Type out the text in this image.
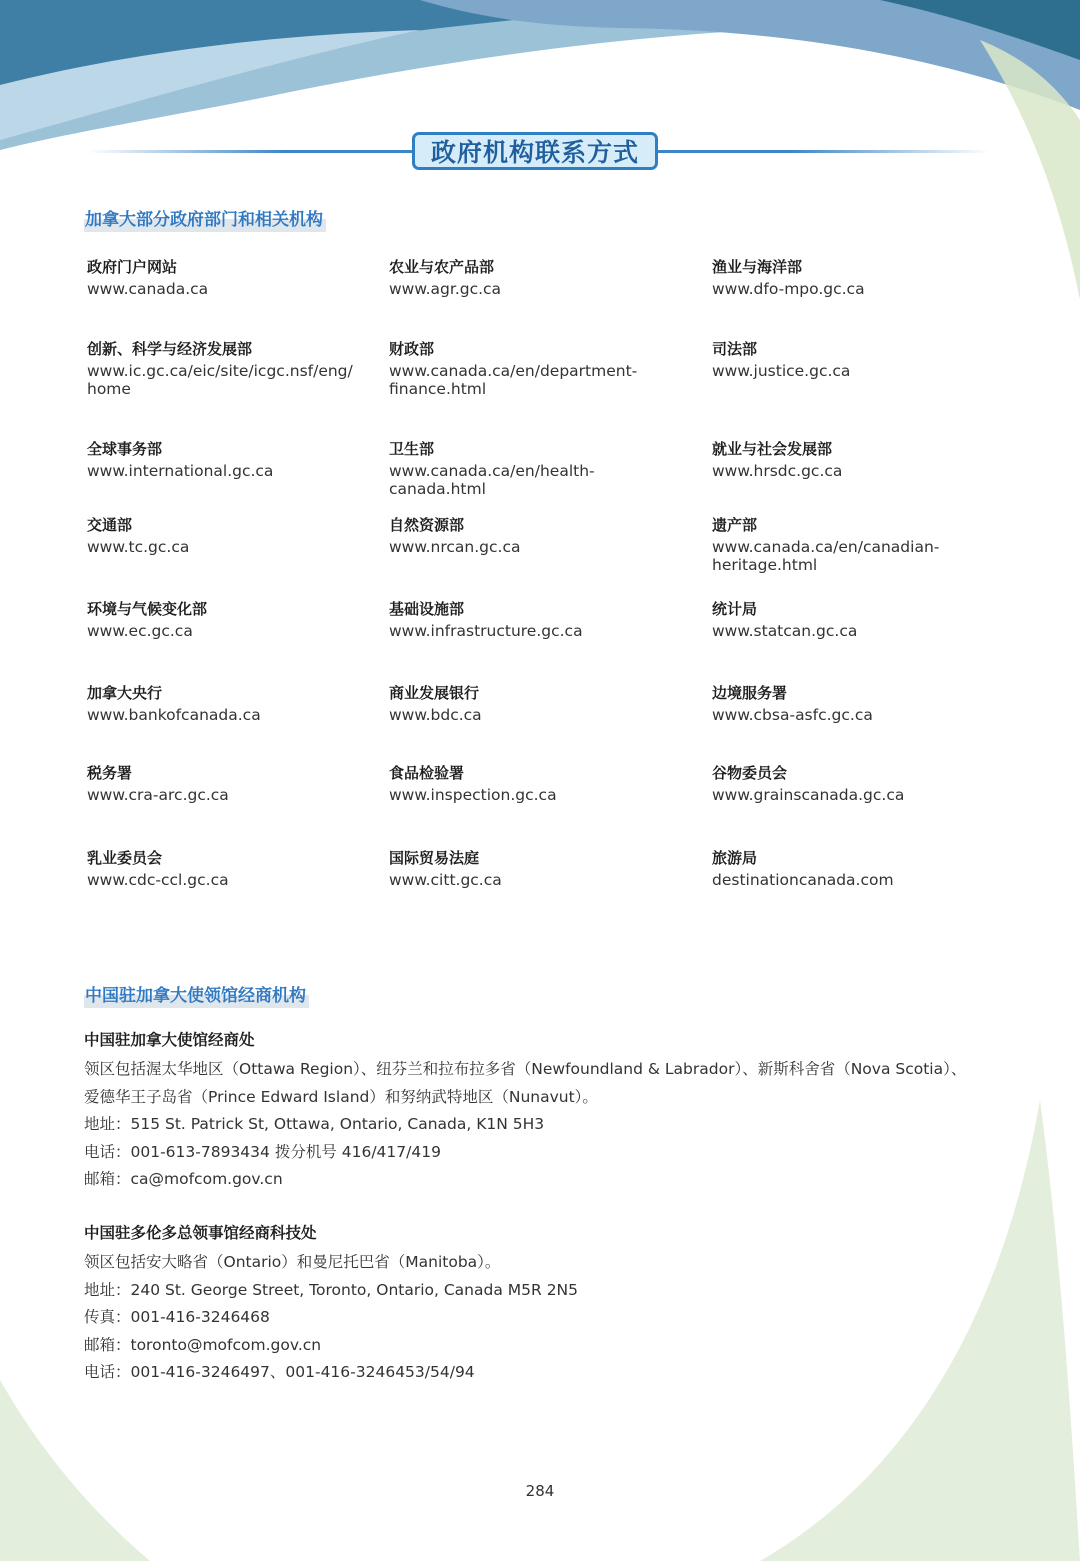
政府机构联系方式
加拿大部分政府部门和相关机构
政府门户网站
www.canada.ca
农业与农产品部
www.agr.gc.ca
渔业与海洋部
www.dfo-mpo.gc.ca
创新、科学与经济发展部
www.ic.gc.ca/eic/site/icgc.nsf/eng/home
财政部
www.canada.ca/en/department-finance.html
司法部
www.justice.gc.ca
全球事务部
www.international.gc.ca
卫生部
www.canada.ca/en/health-canada.html
就业与社会发展部
www.hrsdc.gc.ca
交通部
www.tc.gc.ca
自然资源部
www.nrcan.gc.ca
遗产部
www.canada.ca/en/canadian-heritage.html
环境与气候变化部
www.ec.gc.ca
基础设施部
www.infrastructure.gc.ca
统计局
www.statcan.gc.ca
加拿大央行
www.bankofcanada.ca
商业发展银行
www.bdc.ca
边境服务署
www.cbsa-asfc.gc.ca
税务署
www.cra-arc.gc.ca
食品检验署
www.inspection.gc.ca
谷物委员会
www.grainscanada.gc.ca
乳业委员会
www.cdc-ccl.gc.ca
国际贸易法庭
www.citt.gc.ca
旅游局
destinationcanada.com
中国驻加拿大使领馆经商机构
中国驻加拿大使馆经商处
领区包括渥太华地区（Ottawa Region）、纽芬兰和拉布拉多省（Newfoundland & Labrador）、新斯科舍省（Nova Scotia）、
爱德华王子岛省（Prince Edward Island）和努纳武特地区（Nunavut）。
地址：515 St. Patrick St, Ottawa, Ontario, Canada, K1N 5H3
电话：001-613-7893434 拨分机号 416/417/419
邮箱：ca@mofcom.gov.cn
中国驻多伦多总领事馆经商科技处
领区包括安大略省（Ontario）和曼尼托巴省（Manitoba）。
地址：240 St. George Street, Toronto, Ontario, Canada M5R 2N5
传真：001-416-3246468
邮箱：toronto@mofcom.gov.cn
电话：001-416-3246497、001-416-3246453/54/94
284
